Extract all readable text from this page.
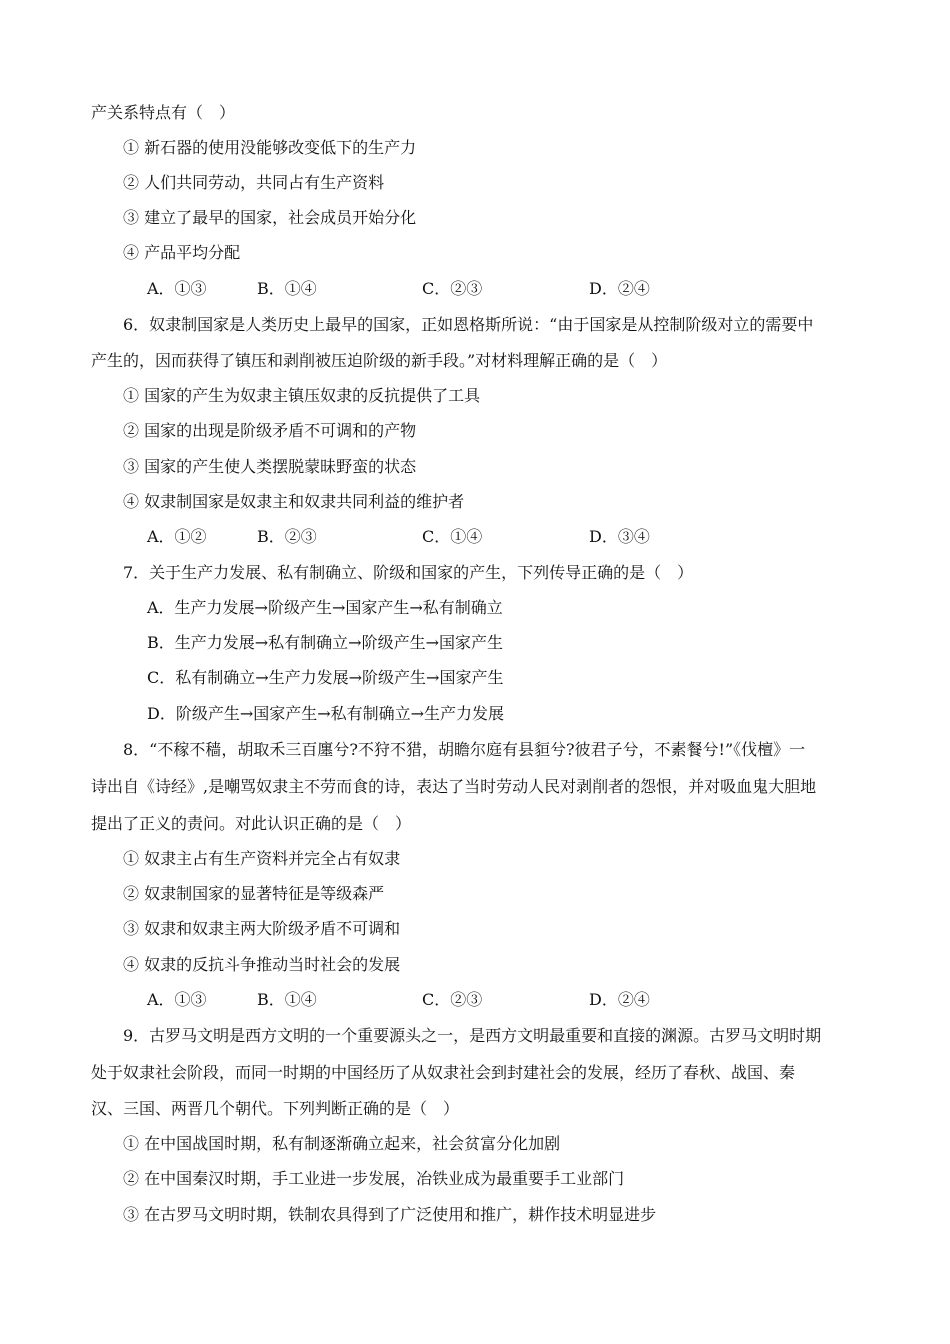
产关系特点有（　）
① 新石器的使用没能够改变低下的生产力
② 人们共同劳动，共同占有生产资料
③ 建立了最早的国家，社会成员开始分化
④ 产品平均分配
A．①③	B．①④	C．②③	D．②④
6．奴隶制国家是人类历史上最早的国家，正如恩格斯所说：“由于国家是从控制阶级对立的需要中
产生的，因而获得了镇压和剥削被压迫阶级的新手段。”对材料理解正确的是（　）
① 国家的产生为奴隶主镇压奴隶的反抗提供了工具
② 国家的出现是阶级矛盾不可调和的产物
③ 国家的产生使人类摆脱蒙昧野蛮的状态
④ 奴隶制国家是奴隶主和奴隶共同利益的维护者
A．①②	B．②③	C．①④	D．③④
7．关于生产力发展、私有制确立、阶级和国家的产生，下列传导正确的是（　）
A．生产力发展→阶级产生→国家产生→私有制确立
B．生产力发展→私有制确立→阶级产生→国家产生
C．私有制确立→生产力发展→阶级产生→国家产生
D．阶级产生→国家产生→私有制确立→生产力发展
8．“不稼不穑，胡取禾三百廛兮?不狩不猎，胡瞻尔庭有县貆兮?彼君子兮，不素餐兮!”《伐檀》一
诗出自《诗经》,是嘲骂奴隶主不劳而食的诗，表达了当时劳动人民对剥削者的怨恨，并对吸血鬼大胆地
提出了正义的责问。对此认识正确的是（　）
① 奴隶主占有生产资料并完全占有奴隶
② 奴隶制国家的显著特征是等级森严
③ 奴隶和奴隶主两大阶级矛盾不可调和
④ 奴隶的反抗斗争推动当时社会的发展
A．①③	B．①④	C．②③	D．②④
9．古罗马文明是西方文明的一个重要源头之一，是西方文明最重要和直接的渊源。古罗马文明时期
处于奴隶社会阶段，而同一时期的中国经历了从奴隶社会到封建社会的发展，经历了春秋、战国、秦
汉、三国、两晋几个朝代。下列判断正确的是（　）
① 在中国战国时期，私有制逐渐确立起来，社会贫富分化加剧
② 在中国秦汉时期，手工业进一步发展，冶铁业成为最重要手工业部门
③ 在古罗马文明时期，铁制农具得到了广泛使用和推广，耕作技术明显进步
